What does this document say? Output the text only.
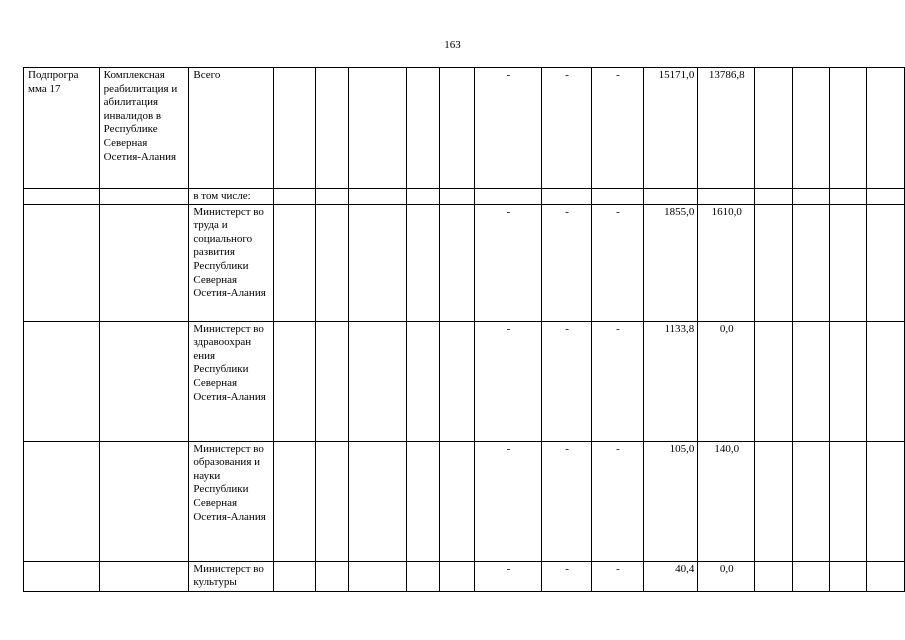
163
Подпрогра мма 17	Комплексная реабилитация и абилитация инвалидов в Республике Северная Осетия-Алания	Всего						-	-	-	15171,0	13786,8				
		в том числе:														
		Министерст во труда и социального развития Республики Северная Осетия-Алания						-	-	-	1855,0	1610,0				
		Министерст во здравоохран ения Республики Северная Осетия-Алания						-	-	-	1133,8	0,0				
		Министерст во образования и науки Республики Северная Осетия-Алания						-	-	-	105,0	140,0				
		Министерст во культуры						-	-	-	40,4	0,0				
